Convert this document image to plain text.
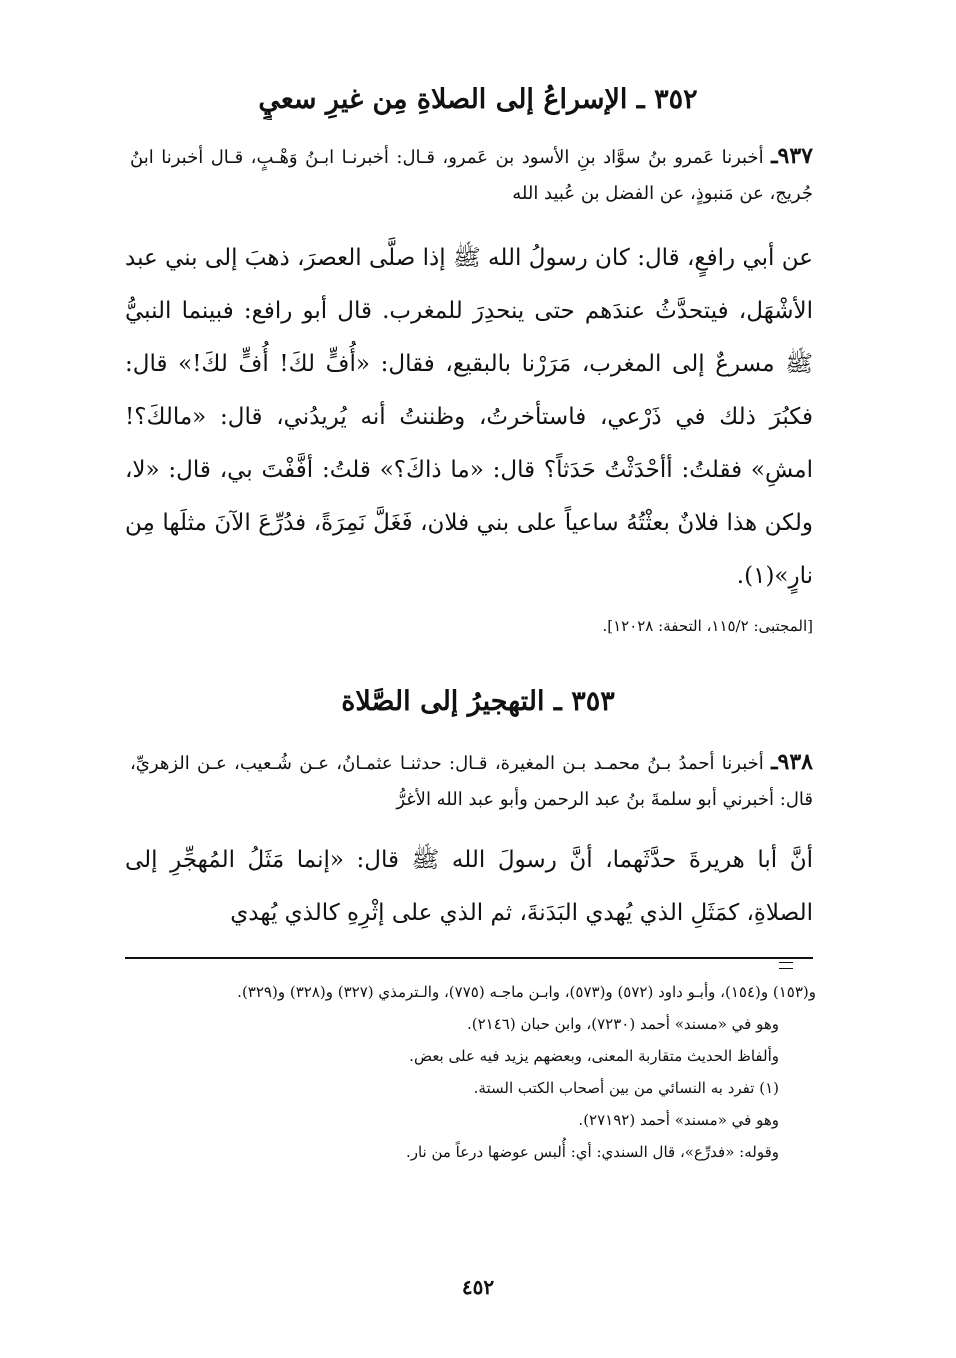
٣٥٢ ـ الإسراعُ إلى الصلاةِ مِن غيرِ سعيٍ

٩٣٧ـ أخبرنا عَمرو بنُ سوَّاد بنِ الأسود بن عَمرو، قـال: أخبرنـا ابـنُ وَهْـبٍ، قـال أخبرنا ابنُ جُريج، عن مَنبوذٍ، عن الفضل بن عُبيد الله

عن أبي رافعٍ، قال: كان رسولُ الله ﷺ إذا صلَّى العصرَ، ذهبَ إلى بني عبد الأشْهَل، فيتحدَّثُ عندَهم حتى ينحدِرَ للمغرب. قال أبو رافع: فبينما النبيُّ ﷺ مسرعٌ إلى المغرب، مَرَرْنا بالبقيع، فقال: «أُفٍّ لكَ! أُفٍّ لكَ!» قال: فكبُرَ ذلك في ذَرْعي، فاستأخرتُ، وظننتُ أنه يُريدُني، قال: «مالكَ؟! امشِ» فقلتُ: أأحْدَثْتُ حَدَثاً؟ قال: «ما ذاكَ؟» قلتُ: أفَّفْتَ بي، قال: «لا، ولكن هذا فلانٌ بعثْتُهُ ساعياً على بني فلان، فَغَلَّ نَمِرَةً، فدُرِّعَ الآنَ مثلَها مِن نارٍ»(١).

[المجتبى: ١١٥/٢، التحفة: ١٢٠٢٨].
٣٥٣ ـ التهجيرُ إلى الصَّلاة

٩٣٨ـ أخبرنا أحمدُ بـنُ محمـد بـن المغيرة، قـال: حدثنـا عثمـانُ، عـن شُـعيب، عـن الزهريِّ، قال: أخبرني أبو سلمةَ بنُ عبد الرحمن وأبو عبد الله الأغرُّ

أنَّ أبا هريرةَ حدَّثَهما، أنَّ رسولَ الله ﷺ قال: «إنما مَثَلُ المُهجِّرِ إلى الصلاةِ، كمَثَلِ الذي يُهدي البَدَنةَ، ثم الذي على إثْرِهِ كالذي يُهدي

و(١٥٣) و(١٥٤)، وأبـو داود (٥٧٢) و(٥٧٣)، وابـن ماجـه (٧٧٥)، والـترمذي (٣٢٧) و(٣٢٨) و(٣٢٩).
وهو في «مسند» أحمد (٧٢٣٠)، وابن حبان (٢١٤٦).
وألفاظ الحديث متقاربة المعنى، وبعضهم يزيد فيه على بعض.
(١) تفرد به النسائي من بين أصحاب الكتب الستة.
وهو في «مسند» أحمد (٢٧١٩٢).
وقوله: «فدرِّع»، قال السندي: أي: أُلبس عوضها درعاً من نار.
٤٥٢
